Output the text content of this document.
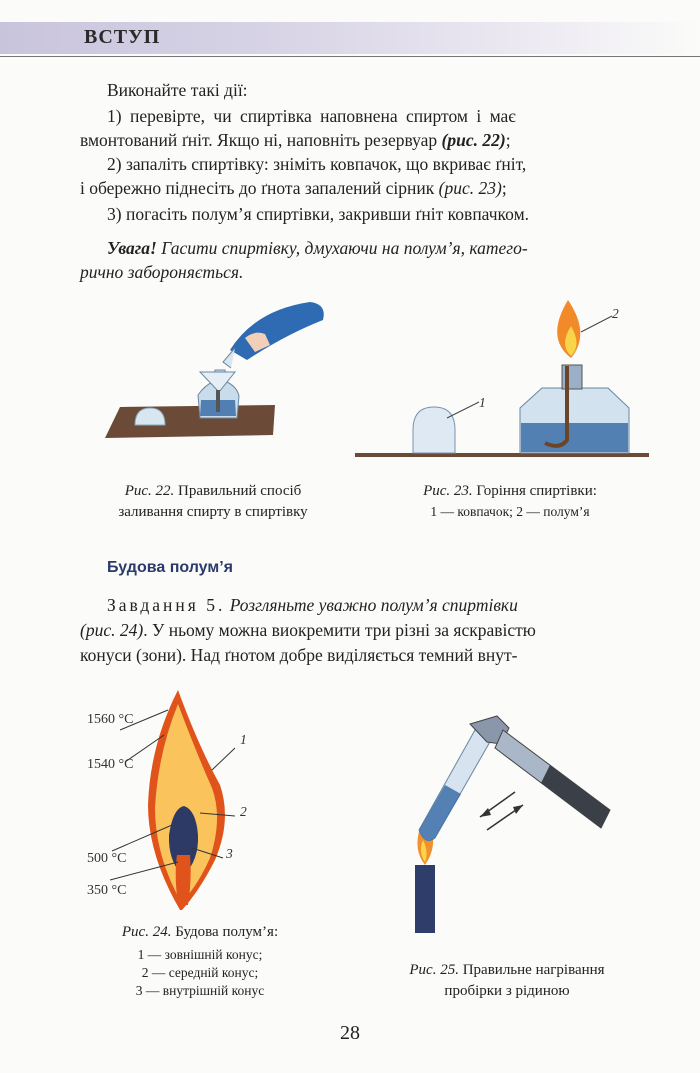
ВСТУП
Виконайте такі дії:
1) перевірте, чи спиртівка наповнена спиртом і має
вмонтований ґніт. Якщо ні, наповніть резервуар (рис. 22);
2) запаліть спиртівку: зніміть ковпачок, що вкриває ґніт,
і обережно піднесіть до ґнота запалений сірник (рис. 23);
3) погасіть полум’я спиртівки, закривши ґніт ковпачком.
Увага! Гасити спиртівку, дмухаючи на полум’я, катего-
рично забороняється.
Рис. 22. Правильний спосіб
заливання спирту в спиртівку
1
2
Рис. 23. Горіння спиртівки:
1 — ковпачок; 2 — полум’я
Будова полум’я
Завдання 5. Розгляньте уважно полум’я спиртівки
(рис. 24). У ньому можна виокремити три різні за яскравістю
конуси (зони). Над ґнотом добре виділяється темний внут-
1560 °C
1540 °C
500 °C
350 °C
1
2
3
Рис. 24. Будова полум’я:
1 — зовнішній конус;
2 — середній конус;
3 — внутрішній конус
Рис. 25. Правильне нагрівання
пробірки з рідиною
28
